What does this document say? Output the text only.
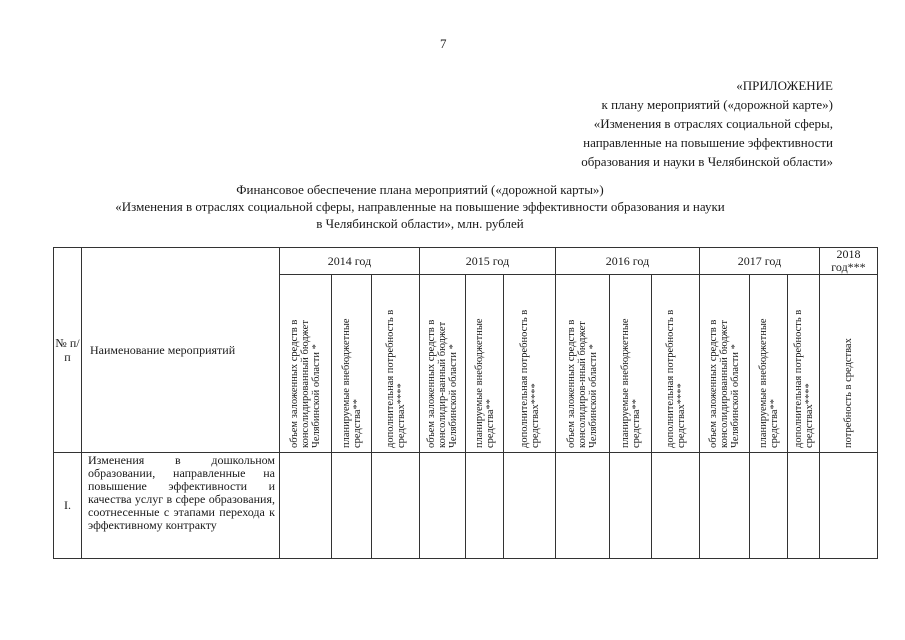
7
«ПРИЛОЖЕНИЕ
к плану мероприятий («дорожной карте»)
«Изменения в отраслях социальной сферы,
направленные на повышение эффективности
образования и науки в Челябинской области»
Финансовое обеспечение плана мероприятий («дорожной карты»)
«Изменения в отраслях социальной сферы, направленные на повышение эффективности образования и науки
в Челябинской области», млн. рублей
№ п/п	Наименование мероприятий	2014 год			2015 год			2016 год			2017 год			2018 год***
		объем заложенных средств в консолидированный бюджет Челябинской области *	планируемые внебюджетные средства**	дополнительная потребность в средствах****	объем заложенных средств в консолидир-ванный бюджет Челябинской области *	планируемые внебюджетные средства**	дополнительная потребность в средствах****	объем заложенных средств в консолидиров-нный бюджет Челябинской области *	планируемые внебюджетные средства**	дополнительная потребность в средствах****	объем заложенных средств в консолидированный бюджет Челябинской области *	планируемые внебюджетные средства**	дополнительная потребность в средствах****	потребность в средствах
I.	Изменения в дошкольном образовании, направленные на повышение эффективности и качества услуг в сфере образования, соотнесенные с этапами перехода к эффективному контракту													
